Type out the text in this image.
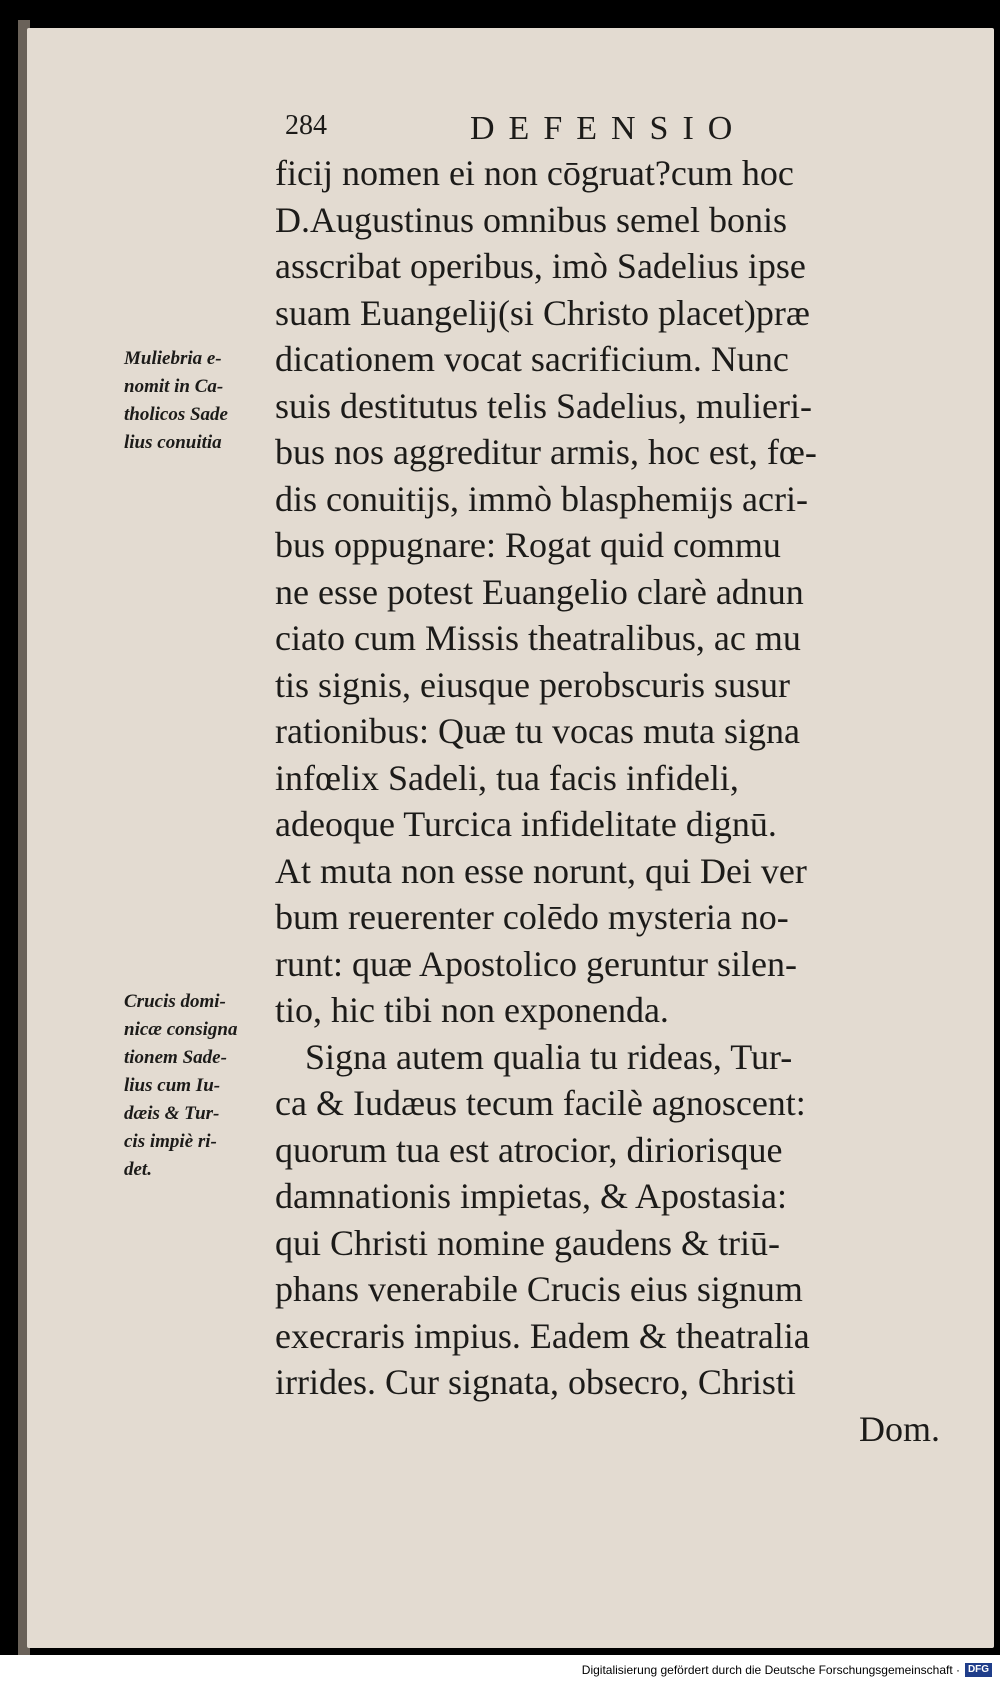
284	DEFENSIO
Muliebria e-
nomit in Ca-
tholicos Sade
lius conuitia
Crucis domi-
nicæ consigna
tionem Sade-
lius cum Iu-
dæis & Tur-
cis impiè ri-
det.
ficij nomen ei non cōgruat?cum hoc
D.Augustinus omnibus semel bonis
asscribat operibus, imò Sadelius ipse
suam Euangelij(si Christo placet)præ
dicationem vocat sacrificium. Nunc
suis destitutus telis Sadelius, mulieri-
bus nos aggreditur armis, hoc est, fœ-
dis conuitijs, immò blasphemijs acri-
bus oppugnare: Rogat quid commu
ne esse potest Euangelio clarè adnun
ciato cum Missis theatralibus, ac mu
tis signis, eiusque perobscuris susur
rationibus: Quæ tu vocas muta signa
infœlix Sadeli, tua facis infideli,
adeoque Turcica infidelitate dignū.
At muta non esse norunt, qui Dei ver
bum reuerenter colēdo mysteria no-
runt: quæ Apostolico geruntur silen-
tio, hic tibi non exponenda.
Signa autem qualia tu rideas, Tur-
ca & Iudæus tecum facilè agnoscent:
quorum tua est atrocior, diriorisque
damnationis impietas, & Apostasia:
qui Christi nomine gaudens & triū-
phans venerabile Crucis eius signum
execraris impius. Eadem & theatralia
irrides. Cur signata, obsecro, Christi
Dom.
Digitalisierung gefördert durch die Deutsche Forschungsgemeinschaft · DFG
